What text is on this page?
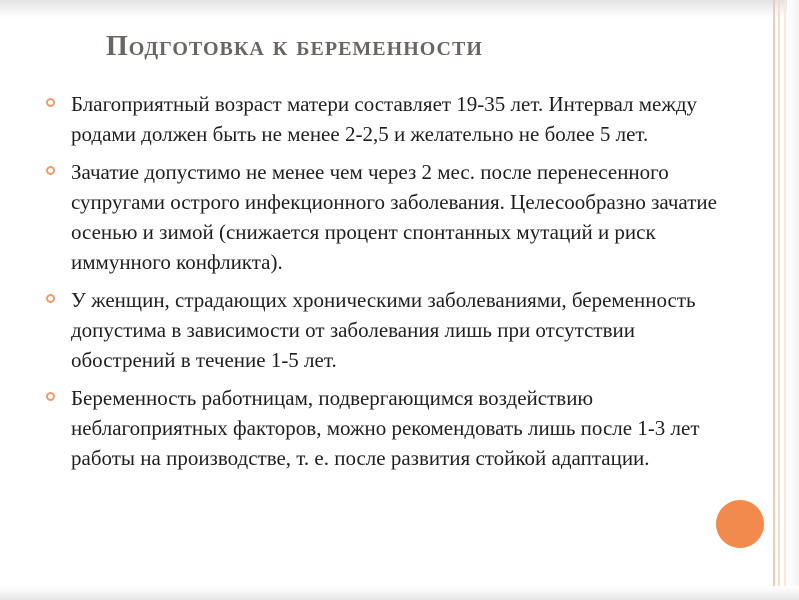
Подготовка к беременности
Благоприятный возраст матери составляет 19-35 лет. Интервал между родами должен быть не менее 2-2,5 и желательно не более 5 лет.
Зачатие допустимо не менее чем через 2 мес. после перенесенного супругами острого инфекционного заболевания. Целесообразно зачатие осенью и зимой (снижается процент спонтанных мутаций и риск иммунного конфликта).
У женщин, страдающих хроническими заболеваниями, беременность допустима в зависимости от заболевания лишь при отсутствии обострений в течение 1-5 лет.
Беременность работницам, подвергающимся воздействию неблагоприятных факторов, можно рекомендовать лишь после 1-3 лет работы на производстве, т. е. после развития стойкой адаптации.
